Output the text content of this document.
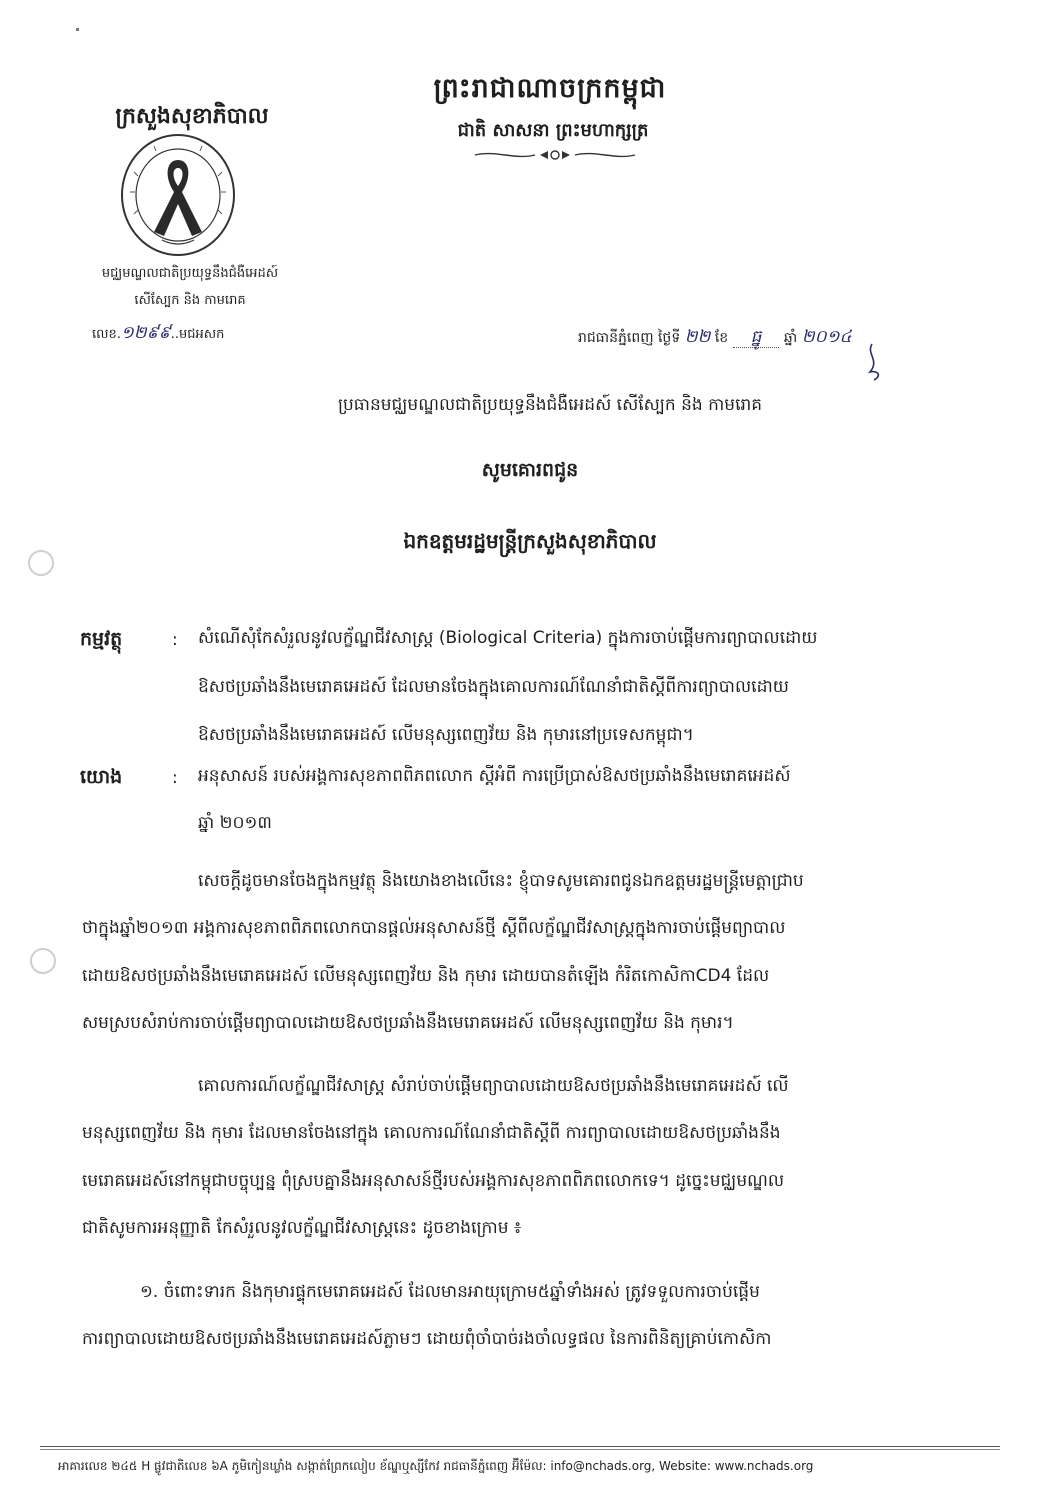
ព្រះរាជាណាចក្រកម្ពុជា
ជាតិ សាសនា ព្រះមហាក្សត្រ
ក្រសួងសុខាភិបាល
មជ្ឈមណ្ឌលជាតិប្រយុទ្ធនឹងជំងឺអេដស៍
សើស្បែក និង កាមរោគ
លេខ.១២៩៩..មជអសក	រាជធានីភ្នំពេញ ថ្ងៃទី ២២ ខែ ធ្នូ ឆ្នាំ ២០១៤
ប្រធានមជ្ឈមណ្ឌលជាតិប្រយុទ្ធនឹងជំងឺអេដស៍ សើស្បែក និង កាមរោគ
សូមគោរពជូន
ឯកឧត្តមរដ្ឋមន្ត្រីក្រសួងសុខាភិបាល
កម្មវត្ថុ	: សំណើសុំកែសំរួលនូវលក្ខ័ណ្ឌជីវសាស្ត្រ (Biological Criteria) ក្នុងការចាប់ផ្តើមការព្យាបាលដោយ
ឱសថប្រឆាំងនឹងមេរោគអេដស៍ ដែលមានចែងក្នុងគោលការណ៍ណែនាំជាតិស្តីពីការព្យាបាលដោយ
ឱសថប្រឆាំងនឹងមេរោគអេដស៍ លើមនុស្សពេញវ័យ និង កុមារនៅប្រទេសកម្ពុជា។
យោង	: អនុសាសន៍ របស់អង្គការសុខភាពពិភពលោក ស្តីអំពី ការប្រើប្រាស់ឱសថប្រឆាំងនឹងមេរោគអេដស៍
ឆ្នាំ ២០១៣
សេចក្តីដូចមានចែងក្នុងកម្មវត្ថុ និងយោងខាងលើនេះ ខ្ញុំបាទសូមគោរពជូនឯកឧត្តមរដ្ឋមន្ត្រីមេត្តាជ្រាប
ថាក្នុងឆ្នាំ២០១៣ អង្គការសុខភាពពិភពលោកបានផ្តល់អនុសាសន៍ថ្មី ស្តីពីលក្ខ័ណ្ឌជីវសាស្ត្រក្នុងការចាប់ផ្តើមព្យាបាល
ដោយឱសថប្រឆាំងនឹងមេរោគអេដស៍ លើមនុស្សពេញវ័យ និង កុមារ ដោយបានតំឡើង កំរិតកោសិកាCD4 ដែល
សមស្របសំរាប់ការចាប់ផ្តើមព្យាបាលដោយឱសថប្រឆាំងនឹងមេរោគអេដស៍ លើមនុស្សពេញវ័យ និង កុមារ។
គោលការណ៍លក្ខ័ណ្ឌជីវសាស្ត្រ សំរាប់ចាប់ផ្តើមព្យាបាលដោយឱសថប្រឆាំងនឹងមេរោគអេដស៍ លើ
មនុស្សពេញវ័យ និង កុមារ ដែលមានចែងនៅក្នុង គោលការណ៍ណែនាំជាតិស្តីពី ការព្យាបាលដោយឱសថប្រឆាំងនឹង
មេរោគអេដស៍នៅកម្ពុជាបច្ចុប្បន្ន ពុំស្របគ្នានឹងអនុសាសន៍ថ្មីរបស់អង្គការសុខភាពពិភពលោកទេ។ ដូច្នេះមជ្ឈមណ្ឌល
ជាតិសូមការអនុញ្ញាតិ កែសំរួលនូវលក្ខ័ណ្ឌជីវសាស្ត្រនេះ ដូចខាងក្រោម ៖
១. ចំពោះទារក និងកុមារផ្ទុកមេរោគអេដស៍ ដែលមានអាយុក្រោម៥ឆ្នាំទាំងអស់ ត្រូវទទួលការចាប់ផ្តើម
ការព្យាបាលដោយឱសថប្រឆាំងនឹងមេរោគអេដស៍ភ្លាមៗ ដោយពុំចាំបាច់រងចាំលទ្ធផល នៃការពិនិត្យគ្រាប់កោសិកា
អាគារលេខ ២៤៥ H ផ្លូវជាតិលេខ ៦A ភូមិកៀនឃ្លាំង សង្កាត់ព្រែកលៀប ខ័ណ្ឌឬស្សីកែវ រាជធានីភ្នំពេញ អ៊ីម៉ែល: info@nchads.org, Website: www.nchads.org
